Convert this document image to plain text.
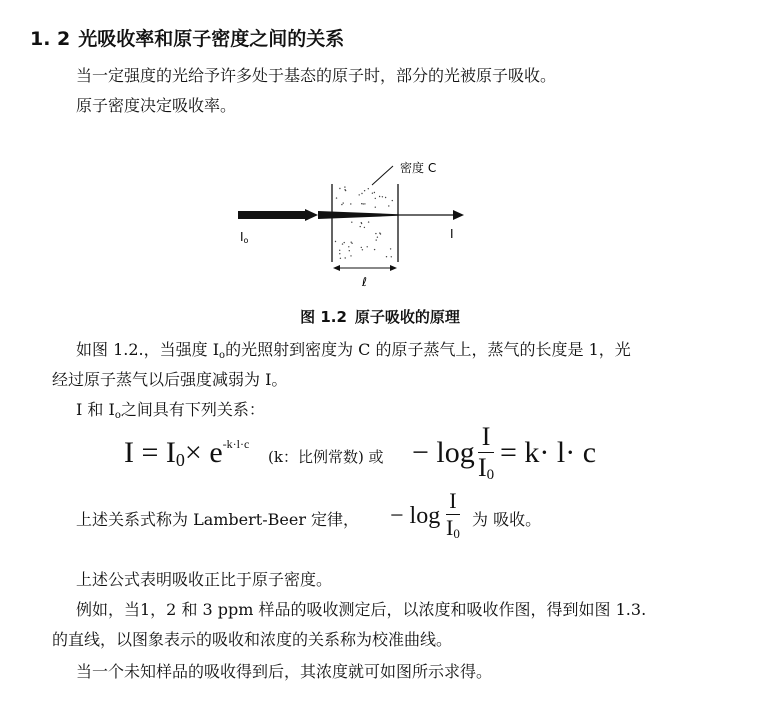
1. 2 光吸收率和原子密度之间的关系
当一定强度的光给予许多处于基态的原子时，部分的光被原子吸收。
原子密度决定吸收率。
密度 C
Io	I
ℓ
图 1.2 原子吸收的原理
如图 1.2.，当强度 $I_o$的光照射到密度为 C 的原子蒸气上，蒸气的长度是 1，光
经过原子蒸气以后强度减弱为 I。
I 和 $I_o$之间具有下列关系：
$I = I0\times e^{-k\cdot l\cdot c}$
(k：比例常数) 或 − log I
I0
= k· l· c
上述关系式称为 Lambert-Beer 定律， − log
I
I0
为 吸收。
上述公式表明吸收正比于原子密度。
例如，当1，2 和 3 ppm 样品的吸收测定后，以浓度和吸收作图，得到如图 1.3.
的直线，以图象表示的吸收和浓度的关系称为校准曲线。
当一个未知样品的吸收得到后，其浓度就可如图所示求得。
